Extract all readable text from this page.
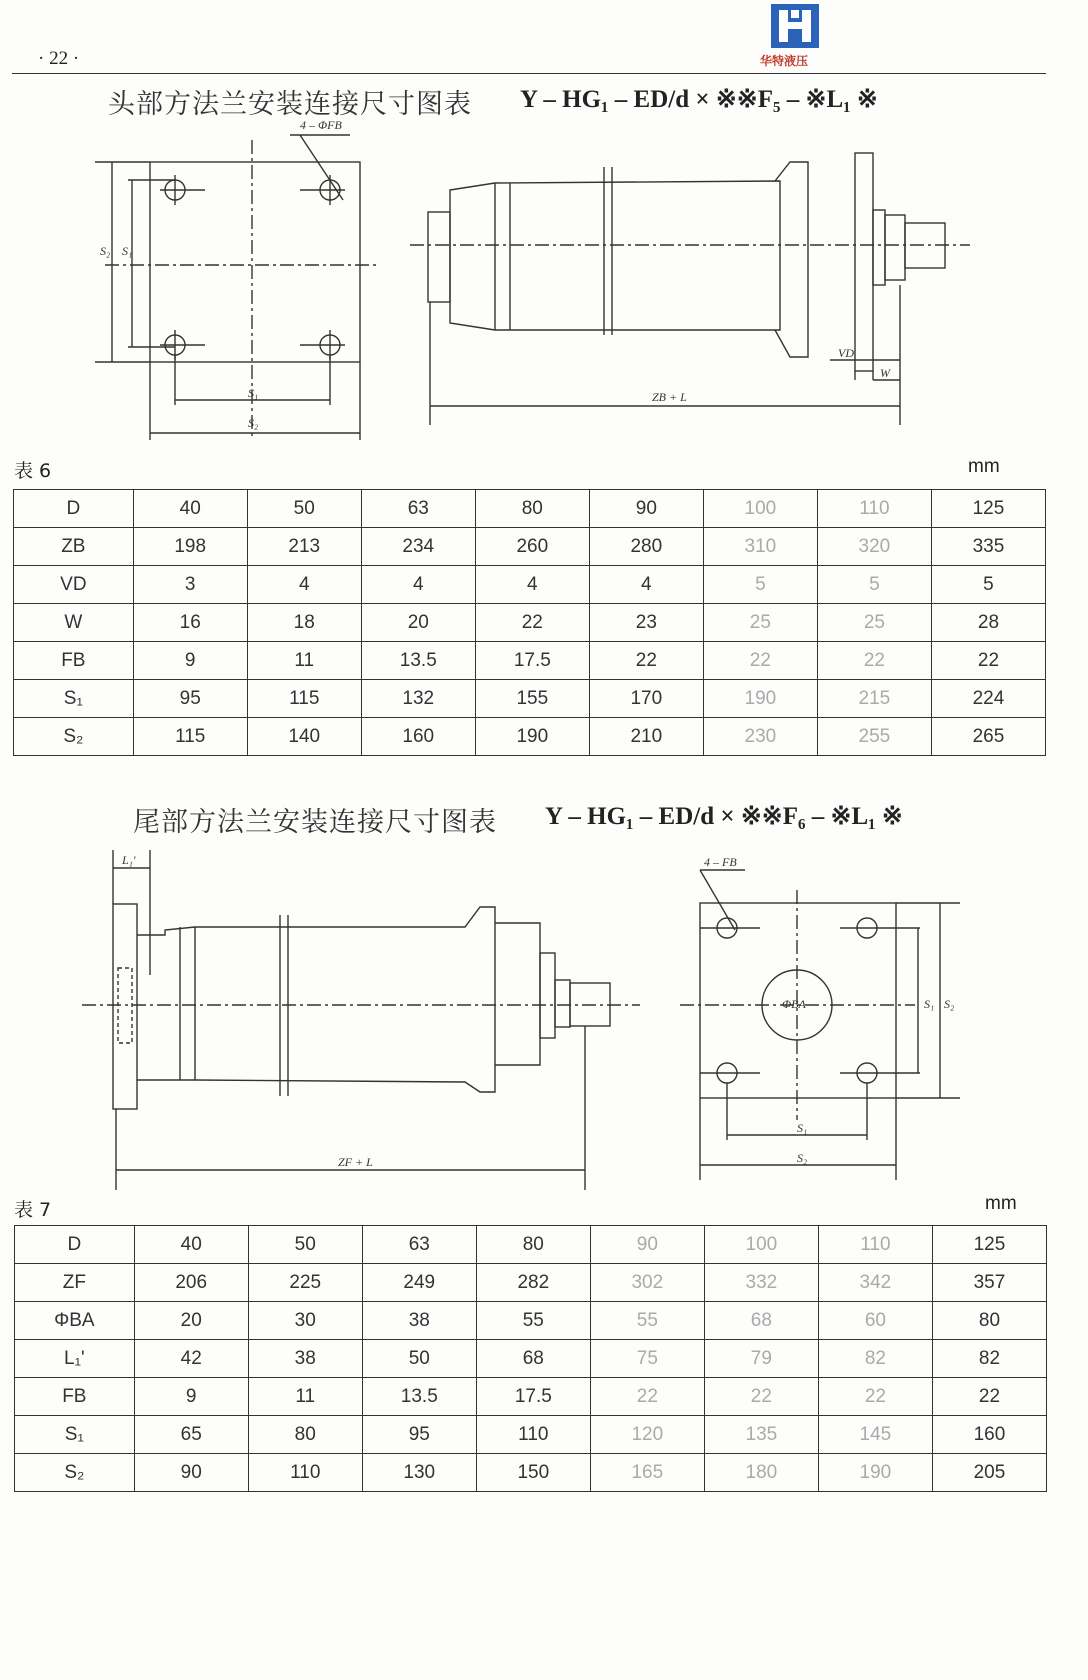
· 22 ·	华特液压
头部方法兰安装连接尺寸图表 Y – HG₁ – ED/d × ※※F₅ – ※L₁ ※
4 – ΦFB
S₁
S₂
S₂ S₁
ZB + L
VD
W
表 6	mm
D	40	50	63	80	90	100	110	125
ZB	198	213	234	260	280	310	320	335
VD	3	4	4	4	4	5	5	5
W	16	18	20	22	23	25	25	28
FB	9	11	13.5	17.5	22	22	22	22
S₁	95	115	132	155	170	190	215	224
S₂	115	140	160	190	210	230	255	265
尾部方法兰安装连接尺寸图表 Y – HG₁ – ED/d × ※※F₆ – ※L₁ ※
L₁'
ZF + L
4 – FB
ΦBA
S₁
S₂
S₁ S₂
表 7	mm
D	40	50	63	80	90	100	110	125
ZF	206	225	249	282	302	332	342	357
ΦBA	20	30	38	55	55	68	60	80
L₁'	42	38	50	68	75	79	82	82
FB	9	11	13.5	17.5	22	22	22	22
S₁	65	80	95	110	120	135	145	160
S₂	90	110	130	150	165	180	190	205
